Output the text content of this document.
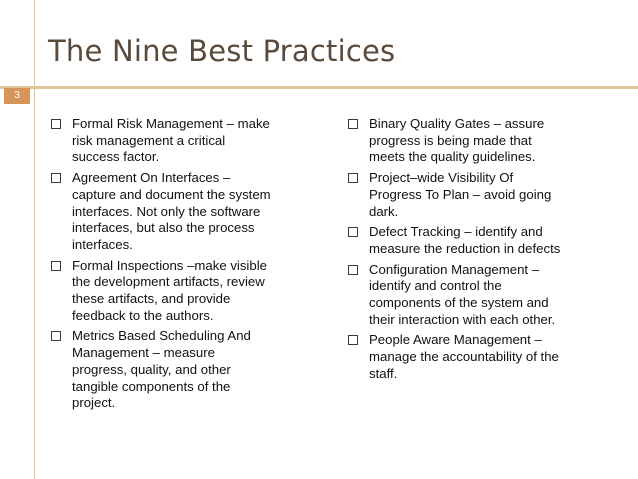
3
The Nine Best Practices
Formal Risk Management – make
risk management a critical
success factor.
Agreement On Interfaces –
capture and document the system
interfaces. Not only the software
interfaces, but also the process
interfaces.
Formal Inspections –make visible
the development artifacts, review
these artifacts, and provide
feedback to the authors.
Metrics Based Scheduling And
Management – measure
progress, quality, and other
tangible components of the
project.
Binary Quality Gates – assure
progress is being made that
meets the quality guidelines.
Project–wide Visibility Of
Progress To Plan – avoid going
dark.
Defect Tracking – identify and
measure the reduction in defects
Configuration Management –
identify and control the
components of the system and
their interaction with each other.
People Aware Management –
manage the accountability of the
staff.
